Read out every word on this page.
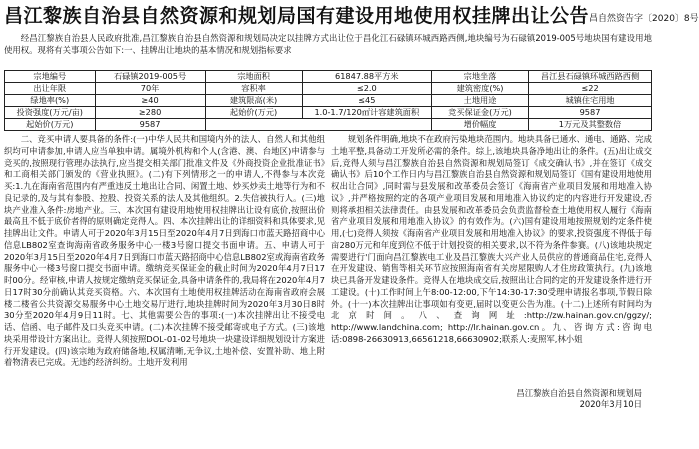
昌江黎族自治县自然资源和规划局国有建设用地使用权挂牌出让公告 昌自然资告字〔2020〕8号
经昌江黎族自治县人民政府批准,昌江黎族自治县自然资源和规划局决定以挂牌方式出让位于昌化江石碌镇环城西路西侧,地块编号为石碌镇2019-005号地块国有建设用地使用权。现将有关事项公告如下:一、挂牌出让地块的基本情况和规划指标要求
宗地编号	石碌镇2019-005号	宗地面积	61847.88平方米	宗地坐落	昌江县石碌镇环城西路西侧
出让年限	70年	容积率	≤2.0	建筑密度(%)	≤22
绿地率(%)	≥40	建筑限高(米)	≤45	土地用途	城镇住宅用地
投资强度(万元/亩)	≥280	起始价(万元)	1.0-1.7/120㎡计容建筑面积	竞买保证金(万元)	9587
起始价(万元)	9587			增价幅度	1万元及其整数倍
二、竞买申请人要具备的条件:(一)中华人民共和国境内外的法人、自然人和其他组织均可申请参加,申请人应当单独申请。属境外机构和个人(含港、澳、台地区)申请参与竞买的,按照现行管理办法执行,应当提交相关部门批准文件及《外商投资企业批准证书》和工商相关部门颁发的《营业执照》。(二)有下列情形之一的申请人,不得参与本次竞买:1.九在海南省范围内有严重违反土地出让合同、闲置土地、炒买炒卖土地等行为和不良记录的,及与其有参股、控股、投资关系的法人及其他组织。2.失信被执行人。(三)地块产业准入条件:房地产业。三、本次国有建设用地使用权挂牌出让设有底价,按照出价最高且不低于底价者得的原则确定竞得人。四、本次挂牌出让的详细资料和具体要求,见挂牌出让文件。申请人可于2020年3月15日至2020年4月7日到海口市蓝天路招商中心信息LB802室查询海南省政务服务中心一楼3号窗口提交书面申请。五、申请人可于2020年3月15日至2020年4月7日到海口市蓝天路招商中心信息LB802室或海南省政务服务中心一楼3号窗口提交书面申请。缴纳竞买保证金的截止时间为2020年4月7日17时00分。经审核,申请人按规定缴纳竞买保证金,具备申请条件的,我局将在2020年4月7日17时30分前确认其竞买资格。六、本次国有土地使用权挂牌活动在海南省政府会展楼二楼省公共资源交易服务中心土地交易厅进行,地块挂牌时间为2020年3月30日8时30分至2020年4月9日11时。七、其他需要公告的事项:(一)本次挂牌出让不接受电话、信函、电子邮件及口头竞买申请。(二)本次挂牌不接受邮寄或电子方式。(三)该地块采用带设计方案出让。竞得人须按照DOL-01-02号地块一块建设详细规划设计方案进行开发建设。(四)该宗地为政府储备地,权属清晰,无争议,土地补偿、安置补助、地上附着物清表已完成。无违约经济纠纷。土地开发利用
规划条件明确,地块不在政府污染地块范围内。地块具备已通水、通电、通路、完成土地平整,具备动工开发所必需的条件。综上,该地块具备净地出让的条件。(五)出让成交后,竞得人须与昌江黎族自治县自然资源和规划局签订《成交确认书》,并在签订《成交确认书》后10个工作日内与昌江黎族自治县自然资源和规划局签订《国有建设用地使用权出让合同》,同时需与县发展和改革委员会签订《海南省产业项目发展和用地准入协议》,并严格按照约定的各项产业项目发展和用地准入协议约定的内容进行开发建设,否则将承担相关法律责任。由县发展和改革委员会负责监督检查土地使用权人履行《海南省产业项目发展和用地准入协议》的有效作为。(六)国有建设用地按照规划约定条件使用,(七)竞得人须按《海南省产业项目发展和用地准入协议》的要求,投资强度不得低于每亩280万元和年度到位不低于计划投资的相关要求,以不符为条件参赛。(八)该地块规定需要进行'门面向昌江黎族电工业及昌江黎族大兴产业人员供应的普通商品住宅,竞得人在开发建设、销售等相关环节应按照海南省有关房屋限购人才住房政策执行。(九)该地块已具备开发建设条件。竞得人在地块成交后,按照出让合同约定的开发建设条件进行开工建设。(十)工作时间上午8:00-12:00,下午14:30-17:30受理申请报名事项,节假日除外。(十一)本次挂牌出让事项如有变更,届时以变更公告为准。(十二)上述所有时间均为北京时间。八、查询网址:http://zw.hainan.gov.cn/ggzy/; http://www.landchina.com; http://lr.hainan.gov.cn。九、咨询方式:咨询电话:0898-26630913,66561218,66630902;联系人:麦照军,林小姐
昌江黎族自治县自然资源和规划局
2020年3月10日
